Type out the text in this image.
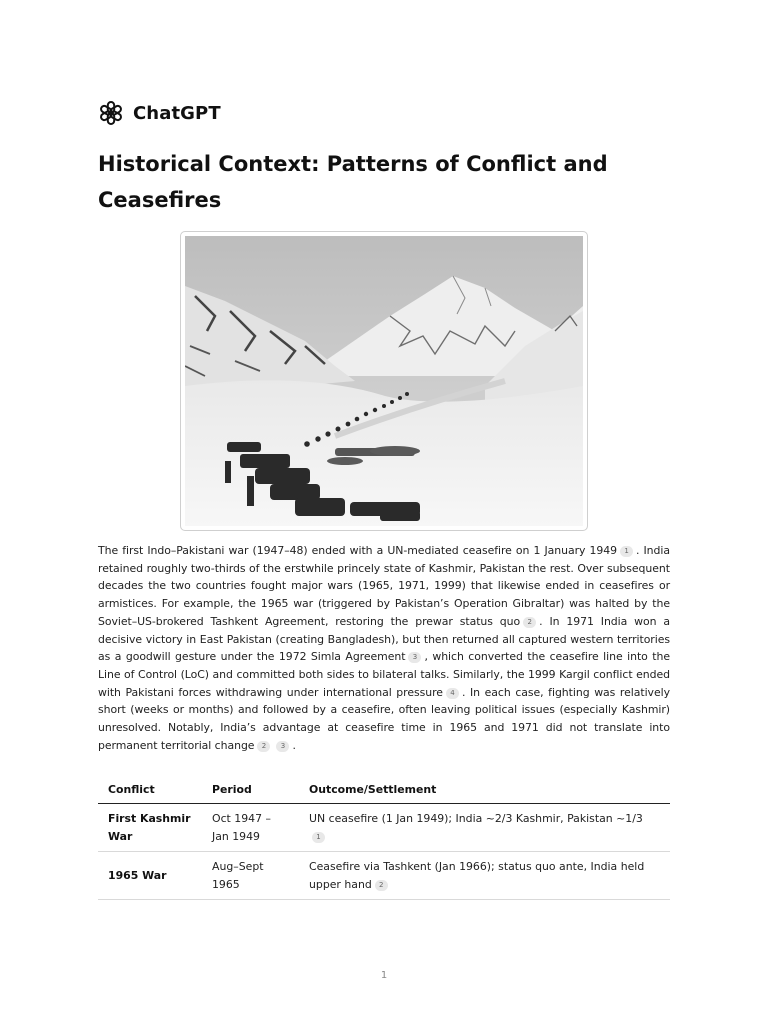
ChatGPT
Historical Context: Patterns of Conflict and Ceasefires

The first Indo–Pakistani war (1947–48) ended with a UN-mediated ceasefire on 1 January 1949 1 . India retained roughly two-thirds of the erstwhile princely state of Kashmir, Pakistan the rest. Over subsequent decades the two countries fought major wars (1965, 1971, 1999) that likewise ended in ceasefires or armistices. For example, the 1965 war (triggered by Pakistan’s Operation Gibraltar) was halted by the Soviet–US-brokered Tashkent Agreement, restoring the prewar status quo 2 . In 1971 India won a decisive victory in East Pakistan (creating Bangladesh), but then returned all captured western territories as a goodwill gesture under the 1972 Simla Agreement 3 , which converted the ceasefire line into the Line of Control (LoC) and committed both sides to bilateral talks. Similarly, the 1999 Kargil conflict ended with Pakistani forces withdrawing under international pressure 4 . In each case, fighting was relatively short (weeks or months) and followed by a ceasefire, often leaving political issues (especially Kashmir) unresolved. Notably, India’s advantage at ceasefire time in 1965 and 1971 did not translate into permanent territorial change 2 3 .

Conflict	Period	Outcome/Settlement
First Kashmir War	Oct 1947 – Jan 1949	UN ceasefire (1 Jan 1949); India ~2/3 Kashmir, Pakistan ~1/31
1965 War	Aug–Sept 1965	Ceasefire via Tashkent (Jan 1966); status quo ante, India held upper hand 2
1
